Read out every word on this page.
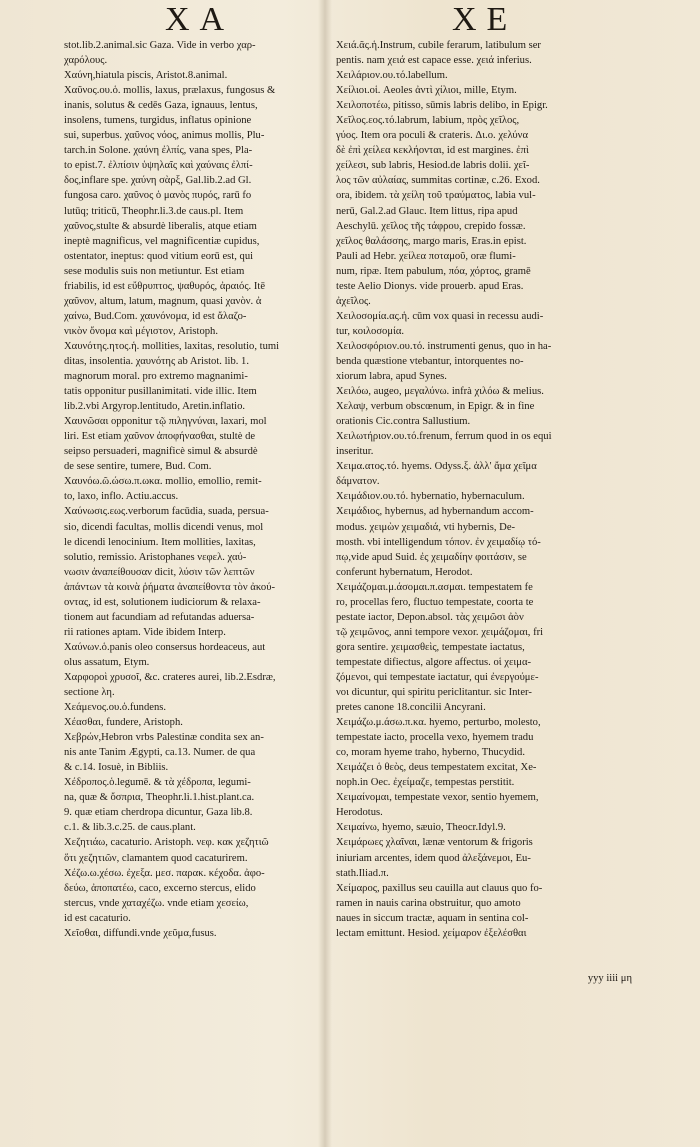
XA	XE
stot.lib.2.animal.sic Gaza. Vide in verbo χαρ-
χαρόλους.
Χαύνη,hiatula piscis, Aristot.8.animal.
Χαῦνος.ου.ὁ. mollis, laxus, prælaxus, fungosus &
inanis, solutus & cedēs Gaza, ignauus, lentus,
insolens, tumens, turgidus, inflatus opinione
sui, superbus. χαῦνος νόος, animus mollis, Plu-
tarch.in Solone. χαύνη ἐλπίς, vana spes, Pla-
to epist.7. ἐλπίσιν ὑψηλαῖς καὶ χαύναις ἐλπί-
δος,inflare spe. χαύνη σὰρξ, Gal.lib.2.ad Gl.
fungosa caro. χαῦνος ὁ μανὸς πυρός, rarū fo
lutūq; triticū, Theophr.li.3.de caus.pl. Item
χαῦνος,stulte & absurdè liberalis, atque etiam
ineptè magnificus, vel magnificentiæ cupidus,
ostentator, ineptus: quod vitium eorū est, qui
sese modulis suis non metiuntur. Est etiam
friabilis, id est εὔθρυπτος, ψαθυρός, ἀραιός. Itē
χαῦνον, altum, latum, magnum, quasi χανὸν. ἀ
χαίνω, Bud.Com. χαυνόνομα, id est ἄλαζο-
νικὸν ὄνομα καὶ μέγιστον, Aristoph.
Χαυνότης.ητος.ἡ. mollities, laxitas, resolutio, tumi
ditas, insolentia. χαυνότης ab Aristot. lib. 1.
magnorum moral. pro extremo magnanimi-
tatis opponitur pusillanimitati. vide illic. Item
lib.2.vbi Argyrop.lentitudo, Aretin.inflatio.
Χαυνῶσαι opponitur τῷ πιληγνύναι, laxari, mol
liri. Est etiam χαῦνον ἀποφήνασθαι, stultè de
seipso persuaderi, magnificè simul & absurdè
de sese sentire, tumere, Bud. Com.
Χαυνόω.ῶ.ώσω.π.ωκα. mollio, emollio, remit-
to, laxo, inflo. Actiu.accus.
Χαύνωσις.εως.verborum facūdia, suada, persua-
sio, dicendi facultas, mollis dicendi venus, mol
le dicendi lenocinium. Item mollities, laxitas,
solutio, remissio. Aristophanes νεφελ. χαύ-
νωσιν ἀναπείθουσαν dicit, λύσιν τῶν λεπτῶν
ἀπάντων τὰ κοινὰ ῥήματα ἀναπείθοντα τὸν ἀκού-
οντας, id est, solutionem iudiciorum & relaxa-
tionem aut facundiam ad refutandas aduersa-
rii rationes aptam. Vide ibidem Interp.
Χαύνων.ὁ.panis oleo consersus hordeaceus, aut
olus assatum, Etym.
Χαρφοροὶ χρυσοῖ, &c. crateres aurei, lib.2.Esdræ,
sectione λη.
Χεάμενος.ου.ὁ.fundens.
Χέασθαι, fundere, Aristoph.
Χεβρών,Hebron vrbs Palestinæ condita sex an-
nis ante Tanim Ægypti, ca.13. Numer. de qua
& c.14. Iosuè, in Bibliis.
Χέδροπος.ὁ.legumē. & τὰ χέδροπα, legumi-
na, quæ & ὄσπρια, Theophr.li.1.hist.plant.ca.
9. quæ etiam cherdropa dicuntur, Gaza lib.8.
c.1. & lib.3.c.25. de caus.plant.
Χεζητιάω, cacaturio. Aristoph. νεφ. κακ χεζητιῶ
ὅτι χεζητιῶν, clamantem quod cacaturirem.
Χέζω.ω.χέσω. ἐχεξα. μεσ. παρακ. κέχοδα. ἀφο-
δεύω, ἀποπατέω, caco, excerno stercus, elido
stercus, vnde χαταχέζω. vnde etiam χεσείω,
id est cacaturio.
Χεῖσθαι, diffundi.vnde χεῦμα,fusus.
Χειά.ᾶς.ἡ.Instrum, cubile ferarum, latibulum ser
pentis. nam χειά est capace esse. χειά inferius.
Χειλάριον.ου.τό.labellum.
Χείλιοι.οἱ. Aeoles ἀντὶ χίλιοι, mille, Etym.
Χειλοποτέω, pitisso, sūmis labris delibo, in Epigr.
Χεῖλος.εος.τό.labrum, labium, πρὸς χεῖλος,
γύος. Item ora poculi & crateris. Δι.ο. χελύνα
δὲ ἐπὶ χείλεα κεκλήονται, id est margines. ἐπὶ
χείλεσι, sub labris, Hesiod.de labris dolii. χεῖ-
λος τῶν αὐλαίας, summitas cortinæ, c.26. Exod.
ora, ibidem. τὰ χείλη τοῦ τραύματος, labia vul-
nerū, Gal.2.ad Glauc. Item littus, ripa apud
Aeschylū. χεῖλος τῆς τάφρου, crepido fossæ.
χεῖλος θαλάσσης, margo maris, Eras.in epist.
Pauli ad Hebr. χείλεα ποταμοῦ, oræ flumi-
num, ripæ. Item pabulum, πόα, χόρτος, gramē
teste Aelio Dionys. vide prouerb. apud Eras.
ἀχεῖλος.
Χειλοσομία.ας.ἡ. cūm vox quasi in recessu audi-
tur, κοιλοσομία.
Χειλοσφόριον.ου.τό. instrumenti genus, quo in ha-
benda quæstione vtebantur, intorquentes no-
xiorum labra, apud Synes.
Χειλόω, augeo, μεγαλύνω. infrà χιλόω & melius.
Χελαψ, verbum obscœnum, in Epigr. & in fine
orationis Cic.contra Sallustium.
Χειλωτήριον.ου.τό.frenum, ferrum quod in os equi
inseritur.
Χειμα.ατος.τό. hyems. Odyss.ξ. ἀλλ' ἄμα χεῖμα
δάμνατον.
Χειμάδιον.ου.τό. hybernatio, hybernaculum.
Χειμάδιος, hybernus, ad hybernandum accom-
modus. χειμὼν χειμαδιά, vti hybernis, De-
mosth. vbi intelligendum τόπον. ἐν χειμαδίῳ τό-
πῳ,vide apud Suid. ἐς χειμαδίην φοιτάσιν, se
conferunt hybernatum, Herodot.
Χειμάζομαι.μ.άσομαι.π.ασμαι. tempestatem fe
ro, procellas fero, fluctuo tempestate, coorta te
pestate iactor, Depon.absol. τὰς χειμῶσι ἀὸν
τῷ χειμῶνος, anni tempore vexor. χειμάζομαι, fri
gora sentire. χειμασθεὶς, tempestate iactatus,
tempestate difiectus, algore affectus. οἱ χειμα-
ζόμενοι, qui tempestate iactatur, qui ἐνεργούμε-
νοι dicuntur, qui spiritu periclitantur. sic Inter-
pretes canone 18.concilii Ancyrani.
Χειμάζω.μ.άσω.π.κα. hyemo, perturbo, molesto,
tempestate iacto, procella vexo, hyemem tradu
co, moram hyeme traho, hyberno, Thucydid.
Χειμάζει ὁ θεὸς, deus tempestatem excitat, Xe-
noph.in Oec. ἐχείμαζε, tempestas perstitit.
Χειμαίνομαι, tempestate vexor, sentio hyemem,
Herodotus.
Χειμαίνω, hyemo, sæuio, Theocr.Idyl.9.
Χειμάρωες χλαῖναι, lænæ ventorum & frigoris
iniuriam arcentes, idem quod ἀλεξάνεμοι, Eu-
stath.Iliad.π.
Χείμαρος, paxillus seu cauilla aut clauus quo fo-
ramen in nauis carina obstruitur, quo amoto
naues in siccum tractæ, aquam in sentina col-
lectam emittunt. Hesiod. χείμαρον ἐξελέσθαι
yyy iiii μη
